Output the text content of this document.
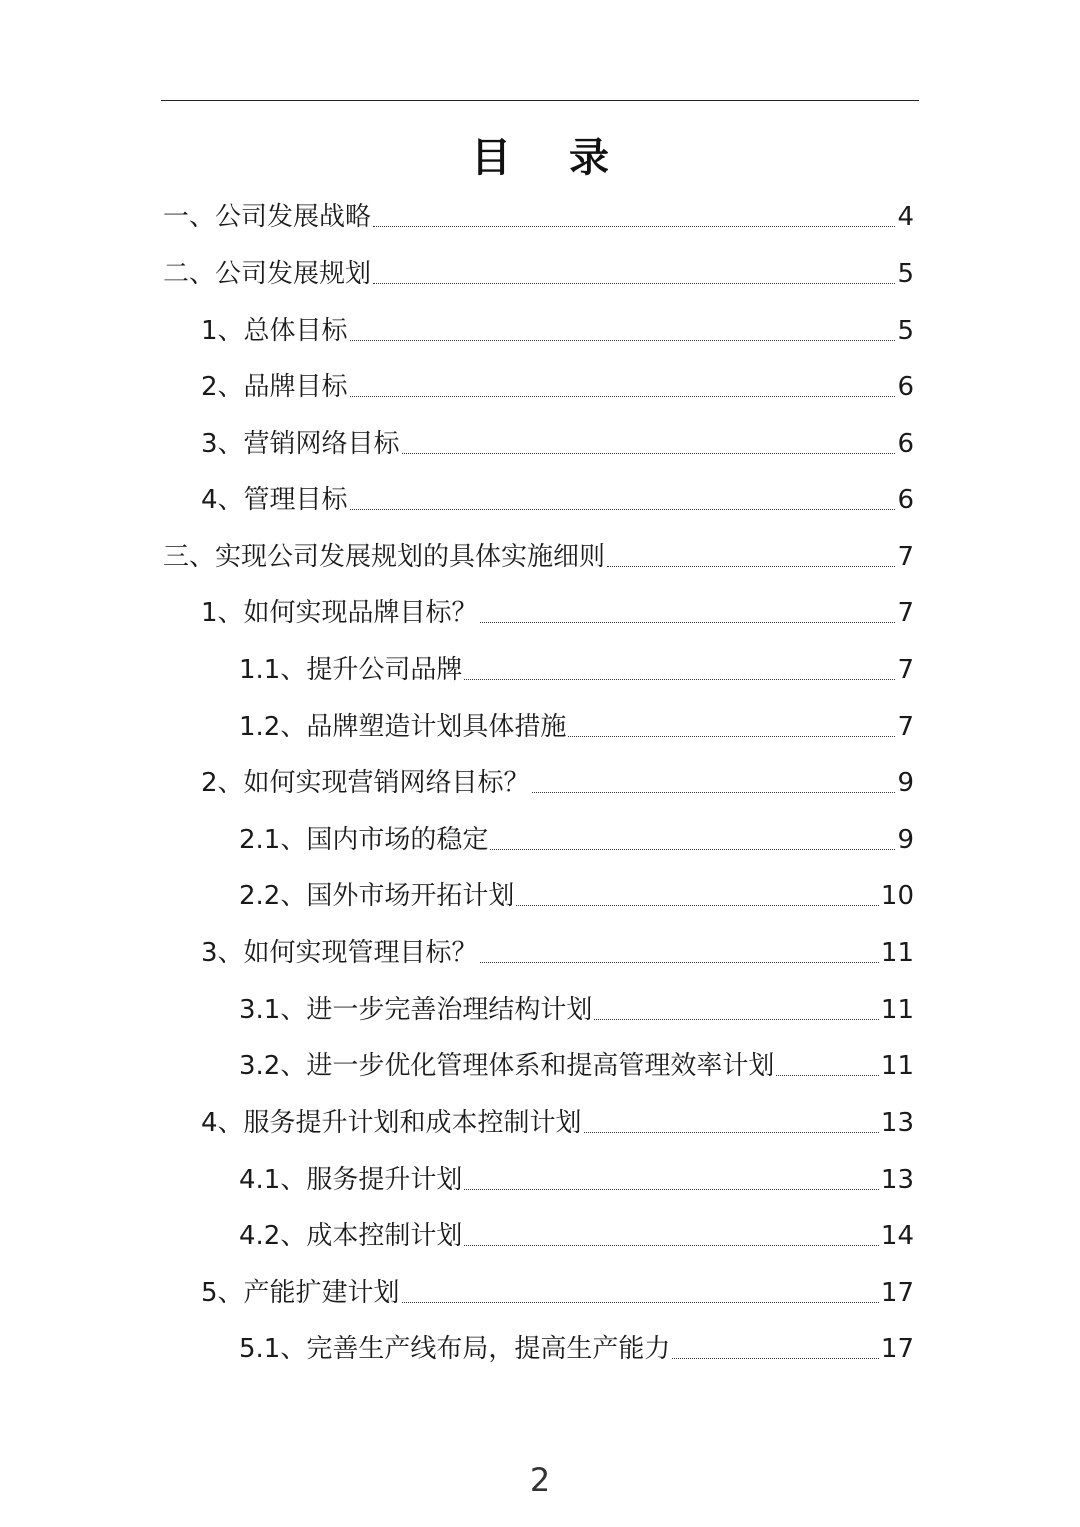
目录
一、公司发展战略	4
二、公司发展规划	5
1、总体目标	5
2、品牌目标	6
3、营销网络目标	6
4、管理目标	6
三、实现公司发展规划的具体实施细则	7
1、如何实现品牌目标？	7
1.1、提升公司品牌	7
1.2、品牌塑造计划具体措施	7
2、如何实现营销网络目标？	9
2.1、国内市场的稳定	9
2.2、国外市场开拓计划	10
3、如何实现管理目标？	11
3.1、进一步完善治理结构计划	11
3.2、进一步优化管理体系和提高管理效率计划	11
4、服务提升计划和成本控制计划	13
4.1、服务提升计划	13
4.2、成本控制计划	14
5、产能扩建计划	17
5.1、完善生产线布局，提高生产能力	17
2
